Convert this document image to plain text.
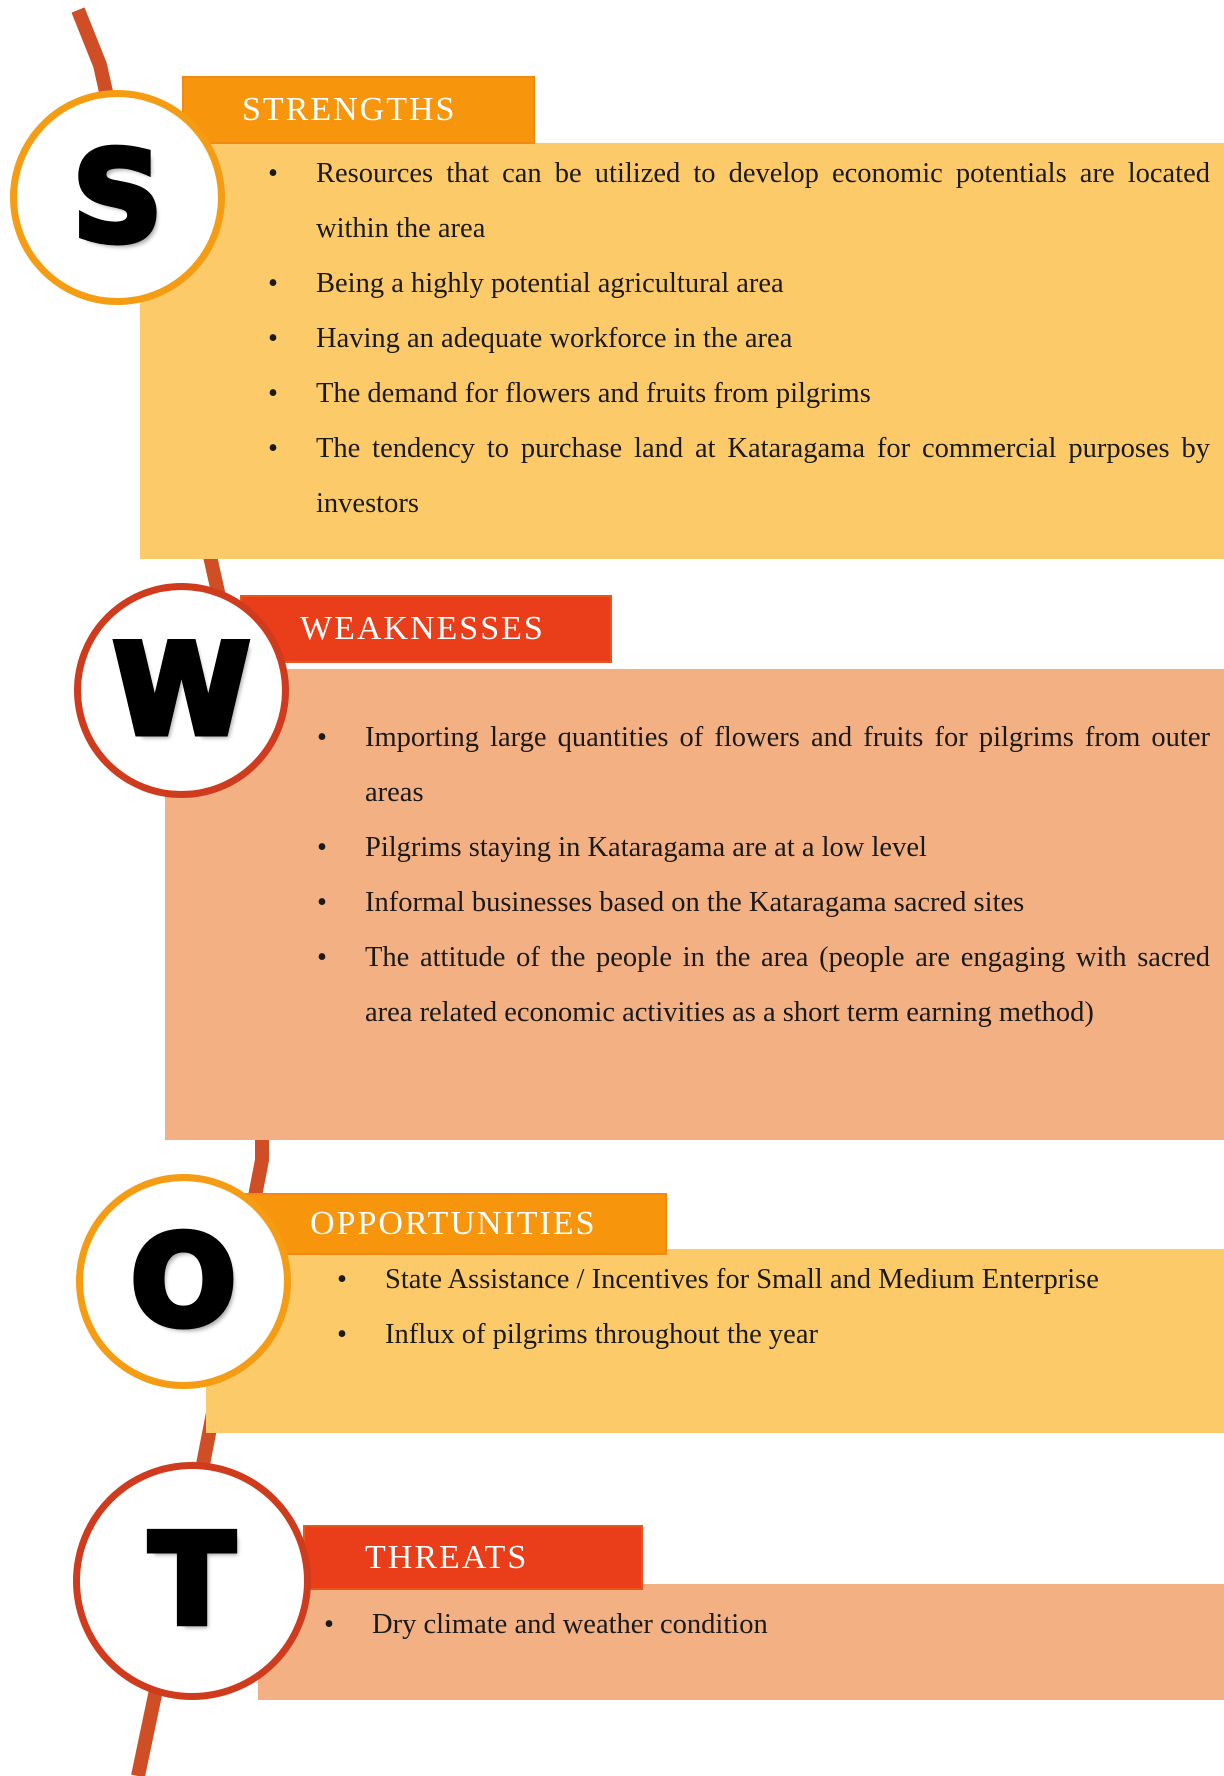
STRENGTHS
S	• Resources that can be utilized to develop economic potentials are located within the area
• Being a highly potential agricultural area
• Having an adequate workforce in the area
• The demand for flowers and fruits from pilgrims
• The tendency to purchase land at Kataragama for commercial purposes by investors
WEAKNESSES
W • Importing large quantities of flowers and fruits for pilgrims from outer areas
• Pilgrims staying in Kataragama are at a low level
• Informal businesses based on the Kataragama sacred sites
• The attitude of the people in the area (people are engaging with sacred area related economic activities as a short term earning method)
OPPORTUNITIES
O	• State Assistance / Incentives for Small and Medium Enterprise
• Influx of pilgrims throughout the year
THREATS
T	• Dry climate and weather condition
